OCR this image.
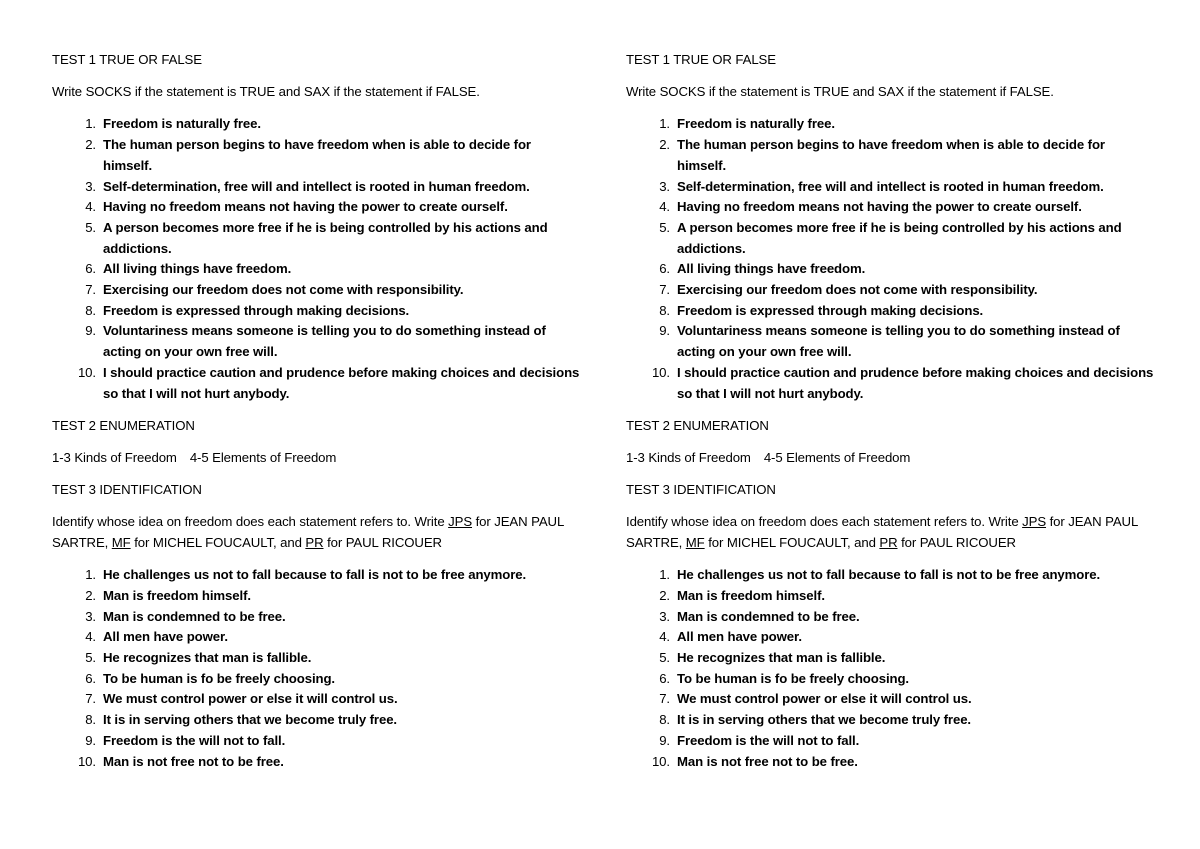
TEST 1 TRUE OR FALSE
Write SOCKS if the statement is TRUE and SAX if the statement if FALSE.
1. Freedom is naturally free.
2. The human person begins to have freedom when is able to decide for himself.
3. Self-determination, free will and intellect is rooted in human freedom.
4. Having no freedom means not having the power to create ourself.
5. A person becomes more free if he is being controlled by his actions and addictions.
6. All living things have freedom.
7. Exercising our freedom does not come with responsibility.
8. Freedom is expressed through making decisions.
9. Voluntariness means someone is telling you to do something instead of acting on your own free will.
10. I should practice caution and prudence before making choices and decisions so that I will not hurt anybody.
TEST 2 ENUMERATION
1-3 Kinds of Freedom 4-5 Elements of Freedom
TEST 3 IDENTIFICATION
Identify whose idea on freedom does each statement refers to. Write JPS for JEAN PAUL SARTRE, MF for MICHEL FOUCAULT, and PR for PAUL RICOUER
1. He challenges us not to fall because to fall is not to be free anymore.
2. Man is freedom himself.
3. Man is condemned to be free.
4. All men have power.
5. He recognizes that man is fallible.
6. To be human is fo be freely choosing.
7. We must control power or else it will control us.
8. It is in serving others that we become truly free.
9. Freedom is the will not to fall.
10. Man is not free not to be free.
TEST 1 TRUE OR FALSE
Write SOCKS if the statement is TRUE and SAX if the statement if FALSE.
1. Freedom is naturally free.
2. The human person begins to have freedom when is able to decide for himself.
3. Self-determination, free will and intellect is rooted in human freedom.
4. Having no freedom means not having the power to create ourself.
5. A person becomes more free if he is being controlled by his actions and addictions.
6. All living things have freedom.
7. Exercising our freedom does not come with responsibility.
8. Freedom is expressed through making decisions.
9. Voluntariness means someone is telling you to do something instead of acting on your own free will.
10. I should practice caution and prudence before making choices and decisions so that I will not hurt anybody.
TEST 2 ENUMERATION
1-3 Kinds of Freedom 4-5 Elements of Freedom
TEST 3 IDENTIFICATION
Identify whose idea on freedom does each statement refers to. Write JPS for JEAN PAUL SARTRE, MF for MICHEL FOUCAULT, and PR for PAUL RICOUER
1. He challenges us not to fall because to fall is not to be free anymore.
2. Man is freedom himself.
3. Man is condemned to be free.
4. All men have power.
5. He recognizes that man is fallible.
6. To be human is fo be freely choosing.
7. We must control power or else it will control us.
8. It is in serving others that we become truly free.
9. Freedom is the will not to fall.
10. Man is not free not to be free.
